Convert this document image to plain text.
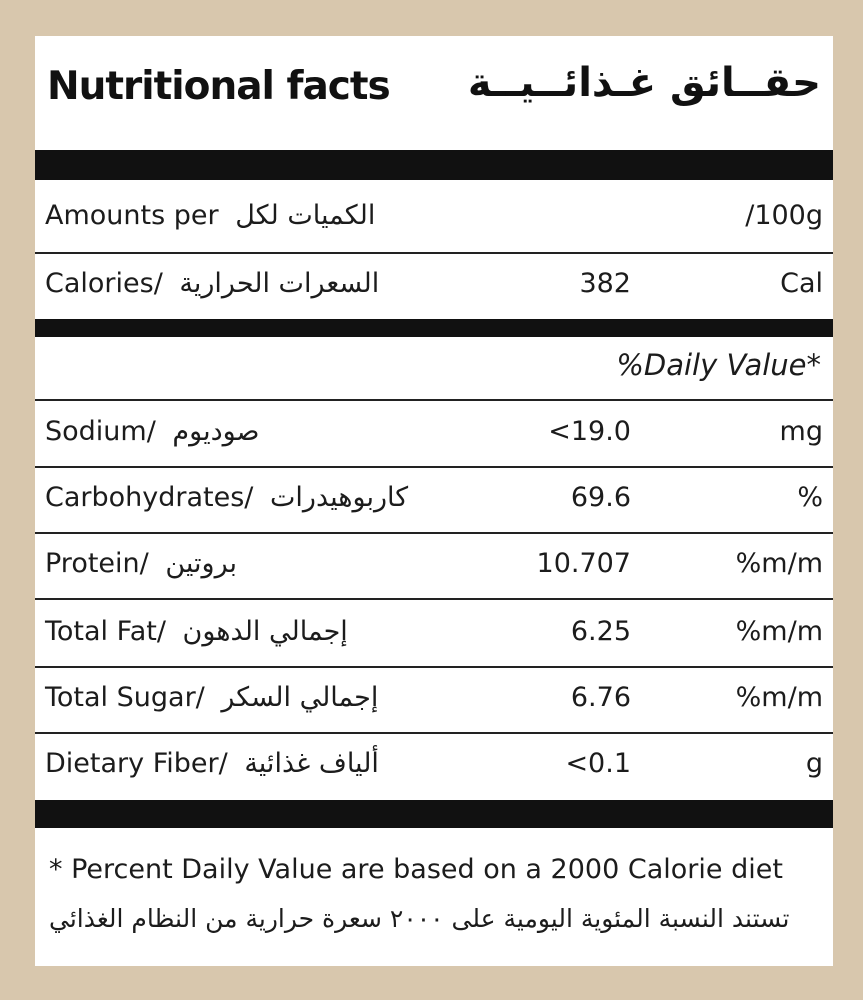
Nutritional facts حقــائق غـذائــيــة
Amounts per الكميات لكل	/100g
Calories/ السعرات الحرارية	382	Cal
%Daily Value*
Sodium/ صوديوم	<19.0	mg
Carbohydrates/ كاربوهيدرات	69.6	%
Protein/ بروتين	10.707	%m/m
Total Fat/ إجمالي الدهون	6.25	%m/m
Total Sugar/ إجمالي السكر	6.76	%m/m
Dietary Fiber/ ألياف غذائية	<0.1	g
* Percent Daily Value are based on a 2000 Calorie diet
تستند النسبة المئوية اليومية على ٢٠٠٠ سعرة حرارية من النظام الغذائي
